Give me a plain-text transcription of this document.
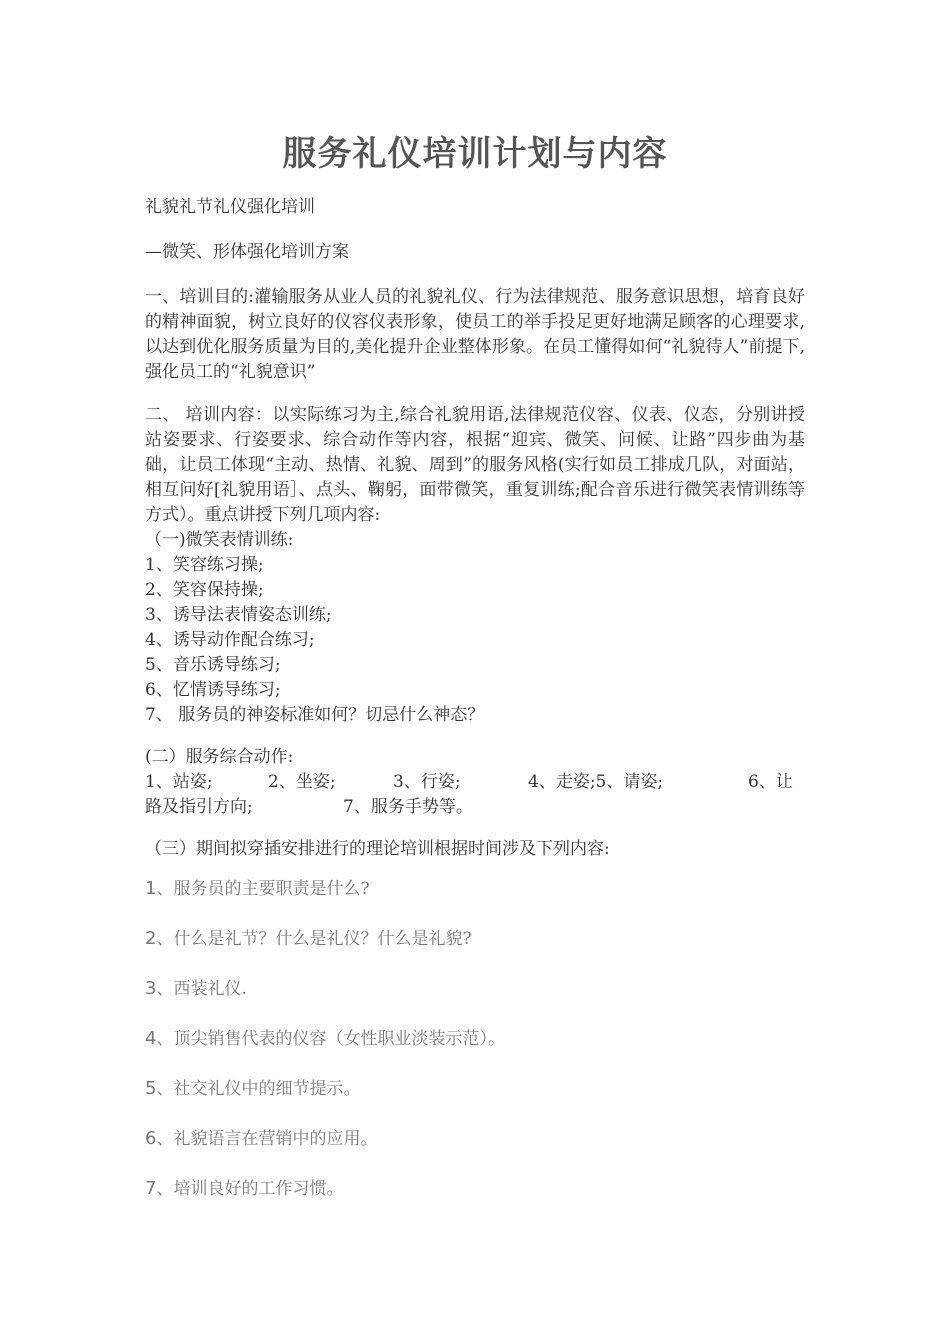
服务礼仪培训计划与内容
礼貌礼节礼仪强化培训
—微笑、形体强化培训方案
一、培训目的:灌输服务从业人员的礼貌礼仪、行为法律规范、服务意识思想，培育良好的精神面貌，树立良好的仪容仪表形象，使员工的举手投足更好地满足顾客的心理要求,以达到优化服务质量为目的,美化提升企业整体形象。在员工懂得如何“礼貌待人”前提下,强化员工的“礼貌意识”
二、 培训内容：以实际练习为主,综合礼貌用语,法律规范仪容、仪表、仪态，分别讲授站姿要求、行姿要求、综合动作等内容，根据“迎宾、微笑、问候、让路”四步曲为基础，让员工体现“主动、热情、礼貌、周到”的服务风格(实行如员工排成几队，对面站，相互问好[礼貌用语］、点头、鞠躬，面带微笑，重复训练;配合音乐进行微笑表情训练等方式）。重点讲授下列几项内容:
（一)微笑表情训练:
1、笑容练习操;
2、笑容保持操;
3、诱导法表情姿态训练;
4、诱导动作配合练习;
5、音乐诱导练习;
6、忆情诱导练习;
7、 服务员的神姿标准如何？切忌什么神态？
(二）服务综合动作:
1、站姿;	2、坐姿;	3、行姿;	4、走姿;5、请姿;	6、让
路及指引方向;	7、服务手势等。
（三）期间拟穿插安排进行的理论培训根据时间涉及下列内容:
1、服务员的主要职责是什么?
2、什么是礼节？什么是礼仪？什么是礼貌?
3、西装礼仪.
4、顶尖销售代表的仪容（女性职业淡装示范）。
5、社交礼仪中的细节提示。
6、礼貌语言在营销中的应用。
7、培训良好的工作习惯。
